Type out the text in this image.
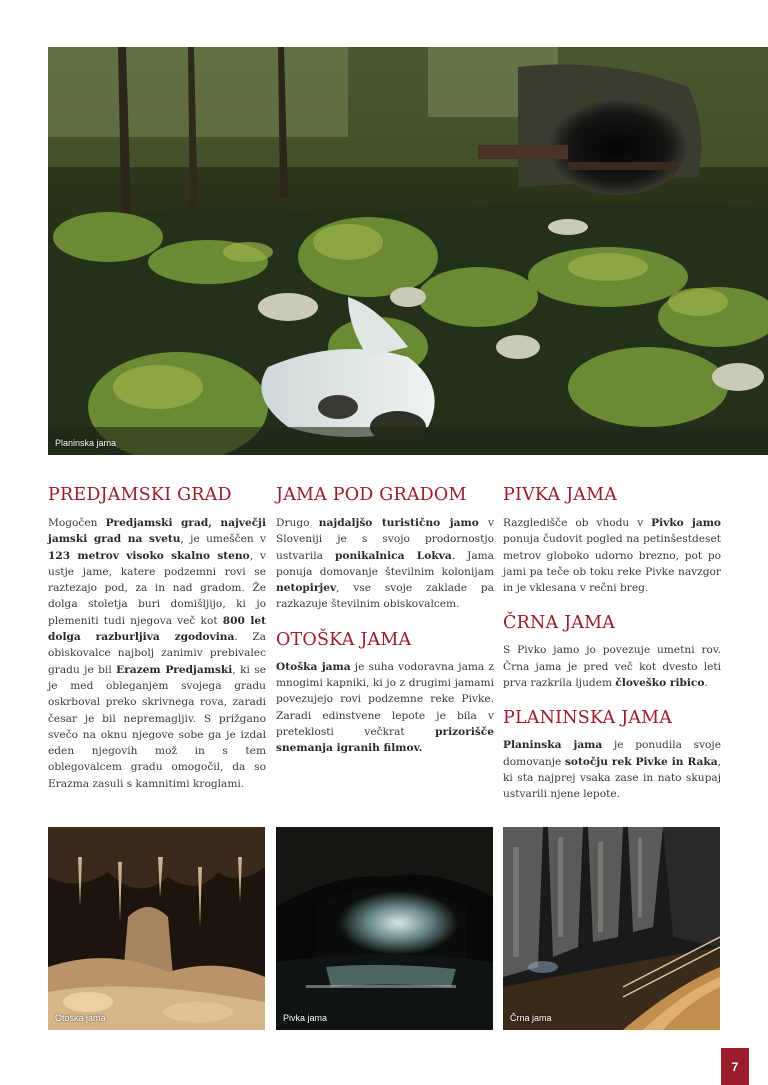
Planinska jama
PREDJAMSKI GRAD

Mogočen Predjamski grad, največji jamski grad na svetu, je umeščen v 123 metrov visoko skalno steno, v ustje jame, katere podzemni rovi se raztezajo pod, za in nad gradom. Že dolga stoletja buri domišljijo, ki jo plemeniti tudi njegova več kot 800 let dolga razburljiva zgodovina. Za obiskovalce najbolj zanimiv prebivalec gradu je bil Erazem Predjamski, ki se je med obleganjem svojega gradu oskrboval preko skrivnega rova, zaradi česar je bil nepremagljiv. S prižgano svečo na oknu njegove sobe ga je izdal eden njegovih mož in s tem oblegovalcem gradu omogočil, da so Erazma zasuli s kamnitimi kroglami.

JAMA POD GRADOM

Drugo najdaljšo turistično jamo v Sloveniji je s svojo prodornostjo ustvarila ponikalnica Lokva. Jama ponuja domovanje številnim kolonijam netopirjev, vse svoje zaklade pa razkazuje številnim obiskovalcem.

OTOŠKA JAMA

Otoška jama je suha vodoravna jama z mnogimi kapniki, ki jo z drugimi jamami povezujejo rovi podzemne reke Pivke. Zaradi edinstvene lepote je bila v preteklosti večkrat prizorišče snemanja igranih filmov.

PIVKA JAMA

Razgledišče ob vhodu v Pivko jamo ponuja čudovit pogled na petinšestdeset metrov globoko udorno brezno, pot po jami pa teče ob toku reke Pivke navzgor in je vklesana v rečni breg.

ČRNA JAMA

S Pivko jamo jo povezuje umetni rov. Črna jama je pred več kot dvesto leti prva razkrila ljudem človeško ribico.

PLANINSKA JAMA

Planinska jama je ponudila svoje domovanje sotočju rek Pivke in Raka, ki sta najprej vsaka zase in nato skupaj ustvarili njene lepote.

Otoška jama	Pivka jama	Črna jama
7
